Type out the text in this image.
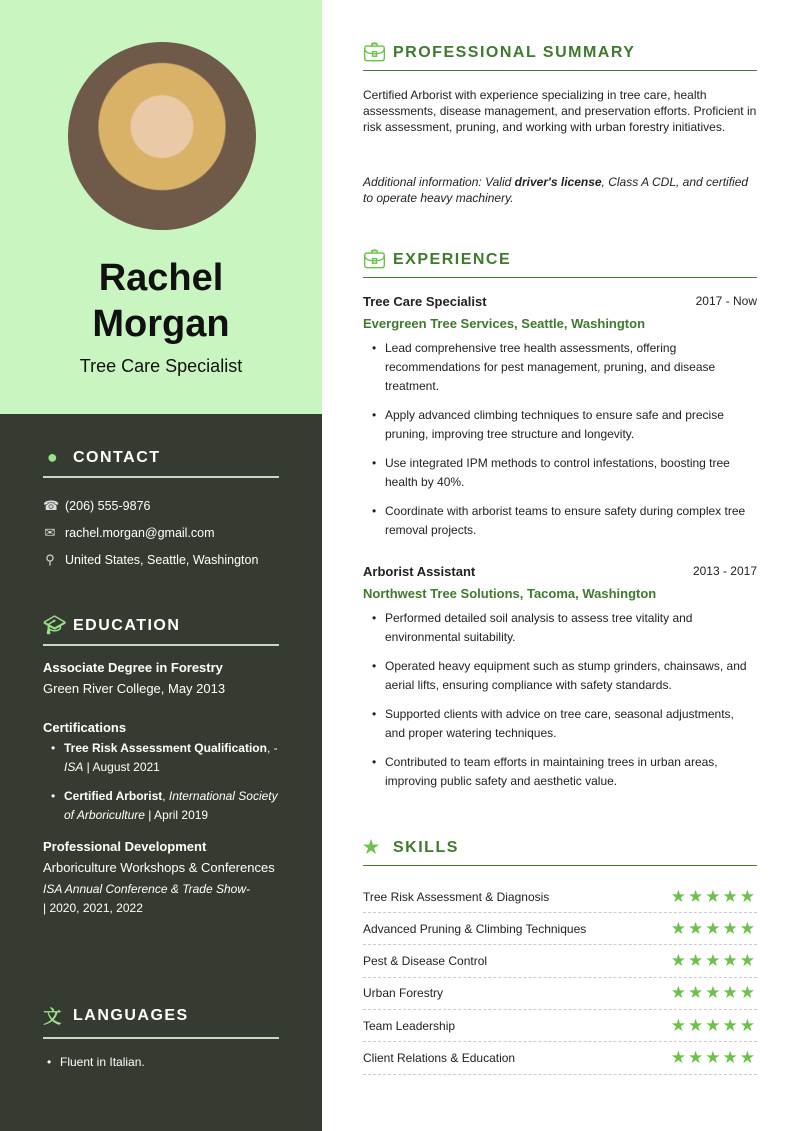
Rachel
Morgan
Tree Care Specialist
● CONTACT
☎ (206) 555-9876
✉ rachel.morgan@gmail.com
⚲ United States, Seattle, Washington
🎓︎ EDUCATION
Associate Degree in Forestry
Green River College, May 2013
Certifications
• Tree Risk Assessment Qualification, -ISA | August 2021
• Certified Arborist, International Society of Arboriculture | April 2019
Professional Development
Arboriculture Workshops & Conferences
ISA Annual Conference & Trade Show-
| 2020, 2021, 2022
文 LANGUAGES
• Fluent in Italian.
💼︎ PROFESSIONAL SUMMARY
Certified Arborist with experience specializing in tree care, health assessments, disease management, and preservation efforts. Proficient in risk assessment, pruning, and working with urban forestry initiatives.
Additional information: Valid driver's license, Class A CDL, and certified to operate heavy machinery.
💼︎ EXPERIENCE
Tree Care Specialist	2017 - Now
Evergreen Tree Services, Seattle, Washington
• Lead comprehensive tree health assessments, offering recommendations for pest management, pruning, and disease treatment.
• Apply advanced climbing techniques to ensure safe and precise pruning, improving tree structure and longevity.
• Use integrated IPM methods to control infestations, boosting tree health by 40%.
• Coordinate with arborist teams to ensure safety during complex tree removal projects.
Arborist Assistant	2013 - 2017
Northwest Tree Solutions, Tacoma, Washington
• Performed detailed soil analysis to assess tree vitality and environmental suitability.
• Operated heavy equipment such as stump grinders, chainsaws, and aerial lifts, ensuring compliance with safety standards.
• Supported clients with advice on tree care, seasonal adjustments, and proper watering techniques.
• Contributed to team efforts in maintaining trees in urban areas, improving public safety and aesthetic value.
★ SKILLS
Tree Risk Assessment & Diagnosis	★★★★★
Advanced Pruning & Climbing Techniques	★★★★★
Pest & Disease Control	★★★★★
Urban Forestry	★★★★★
Team Leadership	★★★★★
Client Relations & Education	★★★★★
